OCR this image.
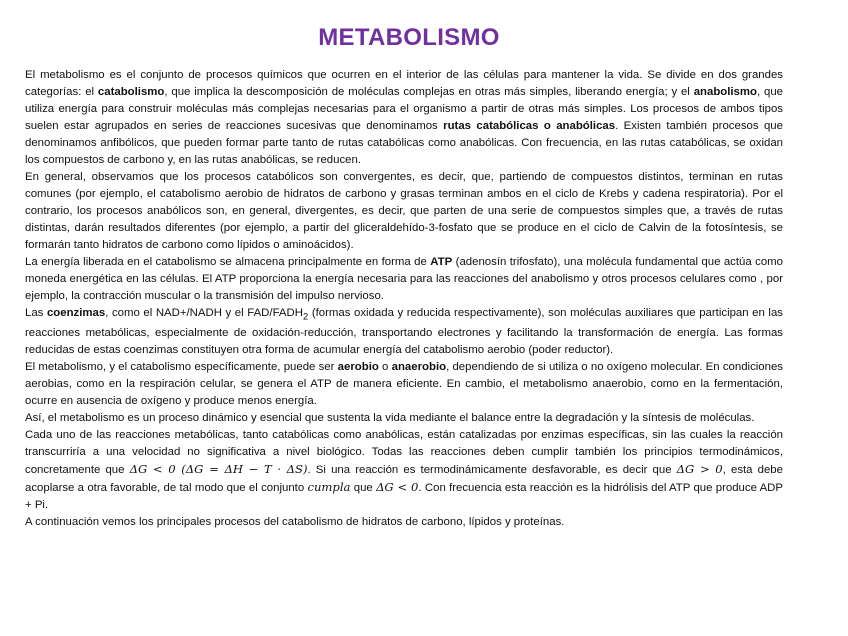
METABOLISMO

El metabolismo es el conjunto de procesos químicos que ocurren en el interior de las células para mantener la vida. Se divide en dos grandes categorías: el catabolismo, que implica la descomposición de moléculas complejas en otras más simples, liberando energía; y el anabolismo, que utiliza energía para construir moléculas más complejas necesarias para el organismo a partir de otras más simples. Los procesos de ambos tipos suelen estar agrupados en series de reacciones sucesivas que denominamos rutas catabólicas o anabólicas. Existen también procesos que denominamos anfibólicos, que pueden formar parte tanto de rutas catabólicas como anabólicas. Con frecuencia, en las rutas catabólicas, se oxidan los compuestos de carbono y, en las rutas anabólicas, se reducen.

En general, observamos que los procesos catabólicos son convergentes, es decir, que, partiendo de compuestos distintos, terminan en rutas comunes (por ejemplo, el catabolismo aerobio de hidratos de carbono y grasas terminan ambos en el ciclo de Krebs y cadena respiratoria). Por el contrario, los procesos anabólicos son, en general, divergentes, es decir, que parten de una serie de compuestos simples que, a través de rutas distintas, darán resultados diferentes (por ejemplo, a partir del gliceraldehído-3-fosfato que se produce en el ciclo de Calvin de la fotosíntesis, se formarán tanto hidratos de carbono como lípidos o aminoácidos).

La energía liberada en el catabolismo se almacena principalmente en forma de ATP (adenosín trifosfato), una molécula fundamental que actúa como moneda energética en las células. El ATP proporciona la energía necesaria para las reacciones del anabolismo y otros procesos celulares como , por ejemplo, la contracción muscular o la transmisión del impulso nervioso.

Las coenzimas, como el NAD+/NADH y el FAD/$FADH_2$ (formas oxidada y reducida respectivamente), son moléculas auxiliares que participan en las reacciones metabólicas, especialmente de oxidación-reducción, transportando electrones y facilitando la transformación de energía. Las formas reducidas de estas coenzimas constituyen otra forma de acumular energía del catabolismo aerobio (poder reductor).

El metabolismo, y el catabolismo específicamente, puede ser aerobio o anaerobio, dependiendo de si utiliza o no oxígeno molecular. En condiciones aerobias, como en la respiración celular, se genera el ATP de manera eficiente. En cambio, el metabolismo anaerobio, como en la fermentación, ocurre en ausencia de oxígeno y produce menos energía.

Así, el metabolismo es un proceso dinámico y esencial que sustenta la vida mediante el balance entre la degradación y la síntesis de moléculas.

Cada uno de las reacciones metabólicas, tanto catabólicas como anabólicas, están catalizadas por enzimas específicas, sin las cuales la reacción transcurriría a una velocidad no significativa a nivel biológico. Todas las reacciones deben cumplir también los principios termodinámicos, concretamente que ΔG < 0 (ΔG = ΔH − T · ΔS). Si una reacción es termodinámicamente desfavorable, es decir que ΔG > 0, esta debe acoplarse a otra favorable, de tal modo que el conjunto cumpla que ΔG < 0. Con frecuencia esta reacción es la hidrólisis del ATP que produce ADP + Pi.

A continuación vemos los principales procesos del catabolismo de hidratos de carbono, lípidos y proteínas.
